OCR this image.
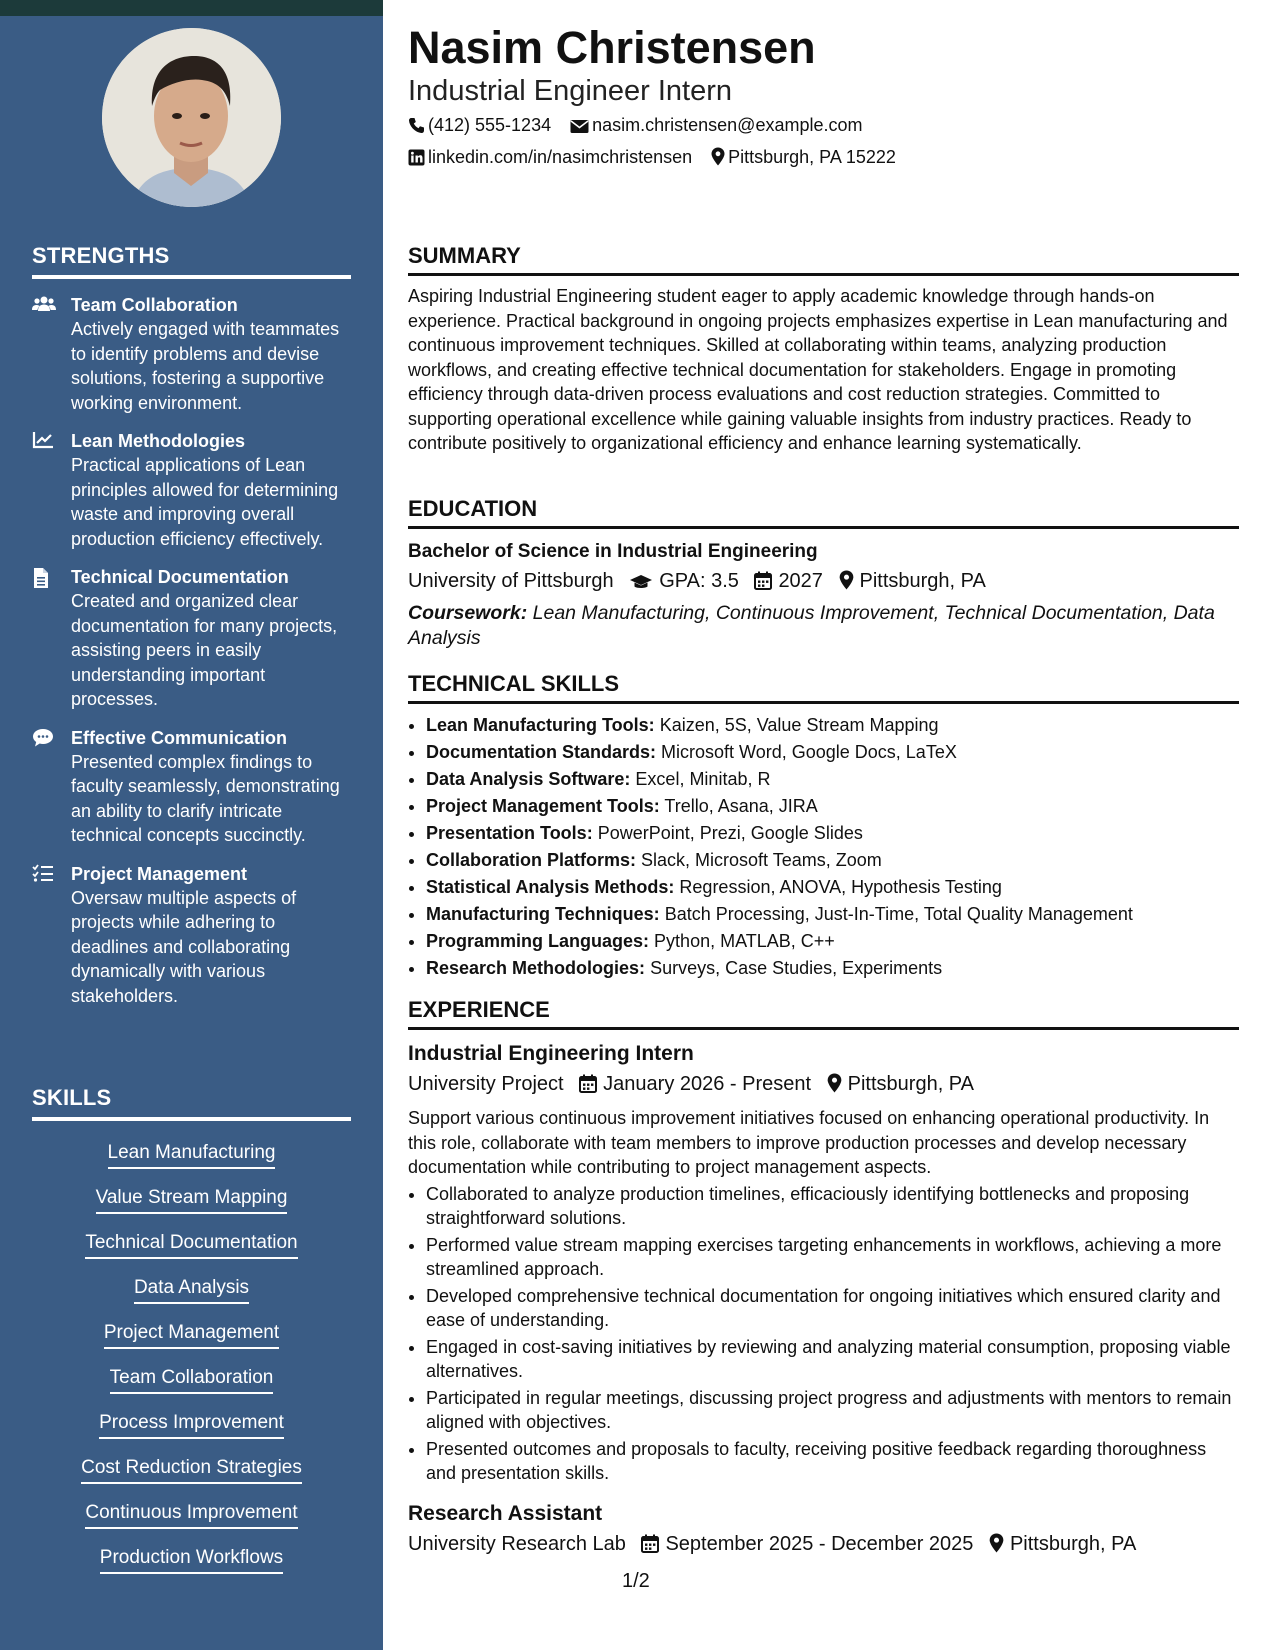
STRENGTHS
Team Collaboration
Actively engaged with teammates to identify problems and devise solutions, fostering a supportive working environment.
Lean Methodologies
Practical applications of Lean principles allowed for determining waste and improving overall production efficiency effectively.
Technical Documentation
Created and organized clear documentation for many projects, assisting peers in easily understanding important processes.
Effective Communication
Presented complex findings to faculty seamlessly, demonstrating an ability to clarify intricate technical concepts succinctly.
Project Management
Oversaw multiple aspects of projects while adhering to deadlines and collaborating dynamically with various stakeholders.
SKILLS
Lean Manufacturing
Value Stream Mapping
Technical Documentation
Data Analysis
Project Management
Team Collaboration
Process Improvement
Cost Reduction Strategies
Continuous Improvement
Production Workflows
Nasim Christensen
Industrial Engineer Intern
(412) 555-1234 nasim.christensen@example.com
linkedin.com/in/nasimchristensen Pittsburgh, PA 15222
SUMMARY
Aspiring Industrial Engineering student eager to apply academic knowledge through hands-on experience. Practical background in ongoing projects emphasizes expertise in Lean manufacturing and continuous improvement techniques. Skilled at collaborating within teams, analyzing production workflows, and creating effective technical documentation for stakeholders. Engage in promoting efficiency through data-driven process evaluations and cost reduction strategies. Committed to supporting operational excellence while gaining valuable insights from industry practices. Ready to contribute positively to organizational efficiency and enhance learning systematically.
EDUCATION
Bachelor of Science in Industrial Engineering
University of Pittsburgh GPA: 3.5 2027 Pittsburgh, PA
Coursework: Lean Manufacturing, Continuous Improvement, Technical Documentation, Data Analysis
TECHNICAL SKILLS
• Lean Manufacturing Tools: Kaizen, 5S, Value Stream Mapping
• Documentation Standards: Microsoft Word, Google Docs, LaTeX
• Data Analysis Software: Excel, Minitab, R
• Project Management Tools: Trello, Asana, JIRA
• Presentation Tools: PowerPoint, Prezi, Google Slides
• Collaboration Platforms: Slack, Microsoft Teams, Zoom
• Statistical Analysis Methods: Regression, ANOVA, Hypothesis Testing
• Manufacturing Techniques: Batch Processing, Just-In-Time, Total Quality Management
• Programming Languages: Python, MATLAB, C++
• Research Methodologies: Surveys, Case Studies, Experiments
EXPERIENCE
Industrial Engineering Intern
University Project January 2026 - Present Pittsburgh, PA
Support various continuous improvement initiatives focused on enhancing operational productivity. In this role, collaborate with team members to improve production processes and develop necessary documentation while contributing to project management aspects.
• Collaborated to analyze production timelines, efficaciously identifying bottlenecks and proposing straightforward solutions.
• Performed value stream mapping exercises targeting enhancements in workflows, achieving a more streamlined approach.
• Developed comprehensive technical documentation for ongoing initiatives which ensured clarity and ease of understanding.
• Engaged in cost-saving initiatives by reviewing and analyzing material consumption, proposing viable alternatives.
• Participated in regular meetings, discussing project progress and adjustments with mentors to remain aligned with objectives.
• Presented outcomes and proposals to faculty, receiving positive feedback regarding thoroughness and presentation skills.
Research Assistant
University Research Lab September 2025 - December 2025 Pittsburgh, PA
1/2
